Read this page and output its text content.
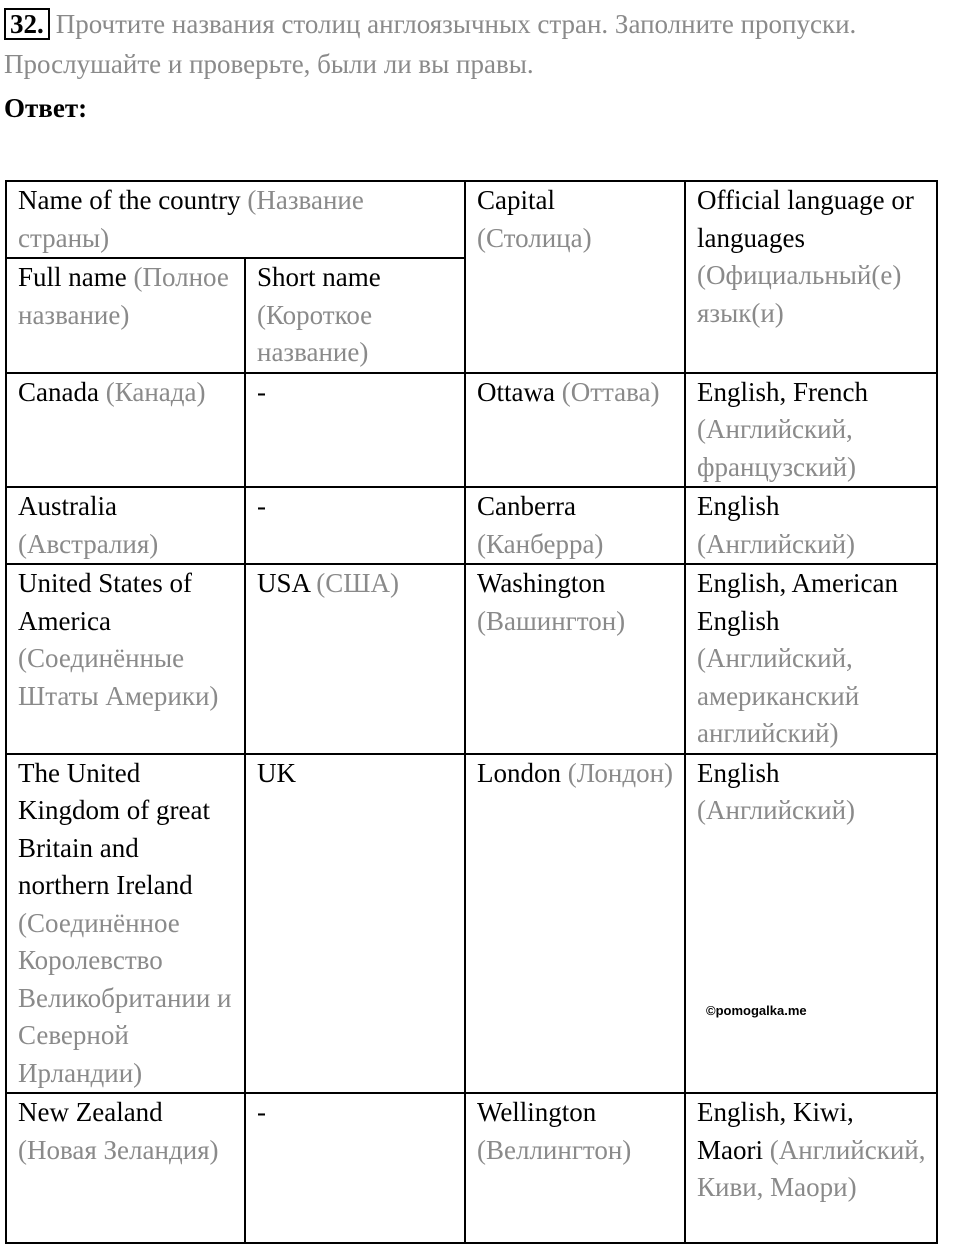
32. Прочтите названия столиц англоязычных стран. Заполните пропуски. Прослушайте и проверьте, были ли вы правы.
Ответ:
Name of the country (Название страны)		Capital (Столица)	Official language or languages (Официальный(е) язык(и)
Full name (Полное название)	Short name (Короткое название)		
Canada (Канада)	-	Ottawa (Оттава)	English, French (Английский, французский)
Australia (Австралия)	-	Canberra (Канберра)	English (Английский)
United States of America (Соединённые Штаты Америки)	USA (США)	Washington (Вашингтон)	English, American English (Английский, американский английский)
The United Kingdom of great Britain and northern Ireland (Соединённое Королевство Великобритании и Северной Ирландии)	UK	London (Лондон)	English (Английский)
New Zealand (Новая Зеландия)	-	Wellington (Веллингтон)	English, Kiwi, Maori (Английский, Киви, Маори)
©pomogalka.me
